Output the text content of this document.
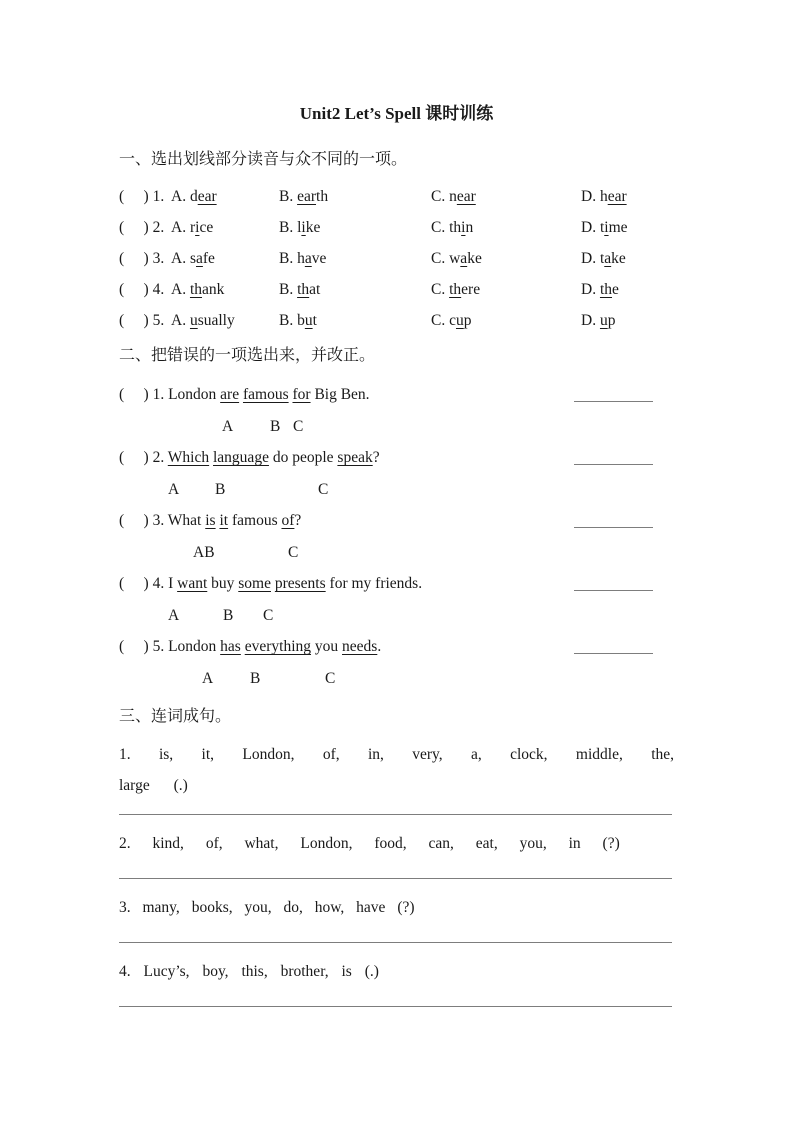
Unit2 Let’s Spell 课时训练
一、选出划线部分读音与众不同的一项。
(     ) 1. A. dear	B. earth	C. near	D. hear
(     ) 2. A. rice	B. like	C. thin	D. time
(     ) 3. A. safe	B. have	C. wake	D. take
(     ) 4. A. thank	B. that	C. there	D. the
(     ) 5. A. usually	B. but	C. cup	D. up
二、把错误的一项选出来，并改正。
(     ) 1. London are famous for Big Ben.
A B C
(     ) 2. Which language do people speak?
A B	C
(     ) 3. What is it famous of?
AB	C
(     ) 4. I want buy some presents for my friends.
A	B C
(     ) 5. London has everything you needs.
A B	C
三、连词成句。
1. is, it, London, of, in, very, a, clock, middle, the, large (.)
2. kind, of, what, London, food, can, eat, you, in (?)
3. many, books, you, do, how, have (?)
4. Lucy’s, boy, this, brother, is (.)
